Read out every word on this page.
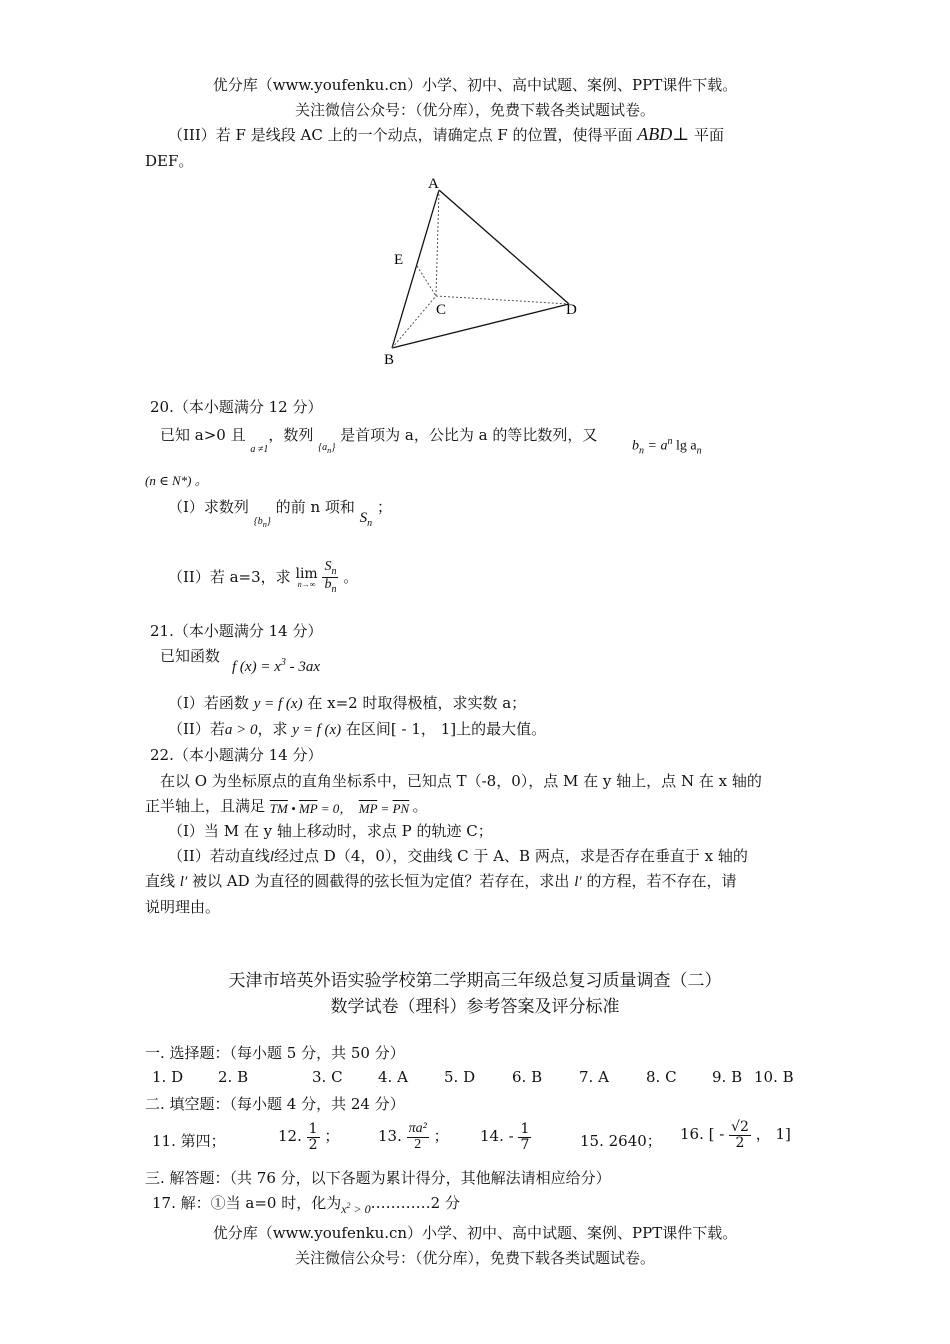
优分库（www.youfenku.cn）小学、初中、高中试题、案例、PPT课件下载。
关注微信公众号：（优分库），免费下载各类试题试卷。
（III）若 F 是线段 AC 上的一个动点，请确定点 F 的位置，使得平面 ABD⊥ 平面
DEF。
A
B
C	D
E
20.（本小题满分 12 分）
已知 a>0 且 $_{a \ne 1}$，数列 $_{\{a_n\}}$ 是首项为 a，公比为 a 的等比数列，又
$b_n = a^n$ $\lg a_n$
(n ∈ N*) 。
（I）求数列 $_{\{b_n\}}$ 的前 n 项和 $S_n$ ；
（II）若 a=3，求 lim
n→∞
$\frac{S_n}{b_n}$ 。
21.（本小题满分 14 分）
已知函数
f $(x) = x^3 - 3ax$
（I）若函数 y = f (x) 在 x=2 时取得极植，求实数 a；
（II）若a > 0，求 y = f (x) 在区间[ - 1， 1]上的最大值。
22.（本小题满分 14 分）
在以 O 为坐标原点的直角坐标系中，已知点 T（-8，0），点 M 在 y 轴上，点 N 在 x 轴的
正半轴上，且满足 $\overline{TM}$ • $\overline{MP} = 0$， $\overline{MP} = \overline{PN}$ 。
（I）当 M 在 y 轴上移动时，求点 P 的轨迹 C；
（II）若动直线l经过点 D（4，0），交曲线 C 于 A、B 两点，求是否存在垂直于 x 轴的
直线 l′ 被以 AD 为直径的圆截得的弦长恒为定值？若存在，求出 l′ 的方程，若不存在，请
说明理由。
天津市培英外语实验学校第二学期高三年级总复习质量调查（二）
数学试卷（理科）参考答案及评分标准
一. 选择题：（每小题 5 分，共 50 分）
1. D 2. B	3. C 4. A 5. D 6. B 7. A 8. C 9. B 10. B
二. 填空题：（每小题 4 分，共 24 分）
11. 第四；	12. $\frac{1}{2}$ ；	13. $\frac{\text{πa²}}{2}$ ； 14. - $\frac{1}{7}$	15. 2640； 16. [ - $\frac{√2}{2}$ ， 1]
三. 解答题：（共 76 分，以下各题为累计得分，其他解法请相应给分）
17. 解：①当 a=0 时，化为$_{x^2 > 0}$…………2 分
优分库（www.youfenku.cn）小学、初中、高中试题、案例、PPT课件下载。
关注微信公众号：（优分库），免费下载各类试题试卷。
